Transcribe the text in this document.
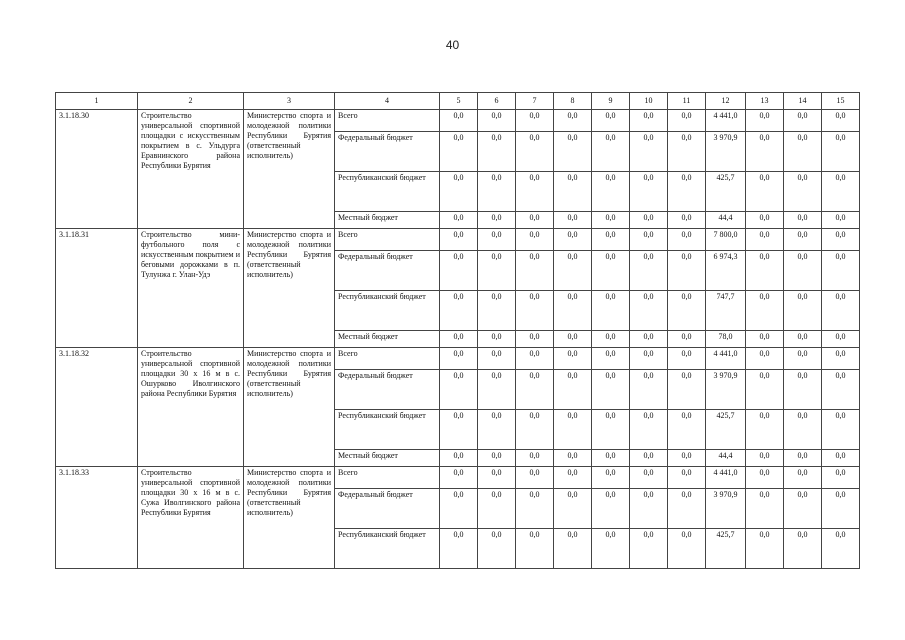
40
1	2	3	4	5	6	7	8	9	10	11	12	13	14	15
3.1.18.30	Строительство универсальной спортивной площадки с искусственным покрытием в с. Ульдурга Еравнинского района Республики Бурятия	Министерство спорта и молодежной политики Республики Бурятия (ответственный исполнитель)	Всего	0,0	0,0	0,0	0,0	0,0	0,0	0,0	4 441,0	0,0	0,0	0,0
			Федеральный бюджет	0,0	0,0	0,0	0,0	0,0	0,0	0,0	3 970,9	0,0	0,0	0,0
			Республиканский бюджет	0,0	0,0	0,0	0,0	0,0	0,0	0,0	425,7	0,0	0,0	0,0
			Местный бюджет	0,0	0,0	0,0	0,0	0,0	0,0	0,0	44,4	0,0	0,0	0,0
3.1.18.31	Строительство мини-футбольного поля с искусственным покрытием и беговыми дорожками в п. Тулунжа г. Улан-Удэ	Министерство спорта и молодежной политики Республики Бурятия (ответственный исполнитель)	Всего	0,0	0,0	0,0	0,0	0,0	0,0	0,0	7 800,0	0,0	0,0	0,0
			Федеральный бюджет	0,0	0,0	0,0	0,0	0,0	0,0	0,0	6 974,3	0,0	0,0	0,0
			Республиканский бюджет	0,0	0,0	0,0	0,0	0,0	0,0	0,0	747,7	0,0	0,0	0,0
			Местный бюджет	0,0	0,0	0,0	0,0	0,0	0,0	0,0	78,0	0,0	0,0	0,0
3.1.18.32	Строительство универсальной спортивной площадки 30 х 16 м в с. Ошурково Иволгинского района Республики Бурятия	Министерство спорта и молодежной политики Республики Бурятия (ответственный исполнитель)	Всего	0,0	0,0	0,0	0,0	0,0	0,0	0,0	4 441,0	0,0	0,0	0,0
			Федеральный бюджет	0,0	0,0	0,0	0,0	0,0	0,0	0,0	3 970,9	0,0	0,0	0,0
			Республиканский бюджет	0,0	0,0	0,0	0,0	0,0	0,0	0,0	425,7	0,0	0,0	0,0
			Местный бюджет	0,0	0,0	0,0	0,0	0,0	0,0	0,0	44,4	0,0	0,0	0,0
3.1.18.33	Строительство универсальной спортивной площадки 30 х 16 м в с. Сужа Иволгинского района Республики Бурятия	Министерство спорта и молодежной политики Республики Бурятия (ответственный исполнитель)	Всего	0,0	0,0	0,0	0,0	0,0	0,0	0,0	4 441,0	0,0	0,0	0,0
			Федеральный бюджет	0,0	0,0	0,0	0,0	0,0	0,0	0,0	3 970,9	0,0	0,0	0,0
			Республиканский бюджет	0,0	0,0	0,0	0,0	0,0	0,0	0,0	425,7	0,0	0,0	0,0
